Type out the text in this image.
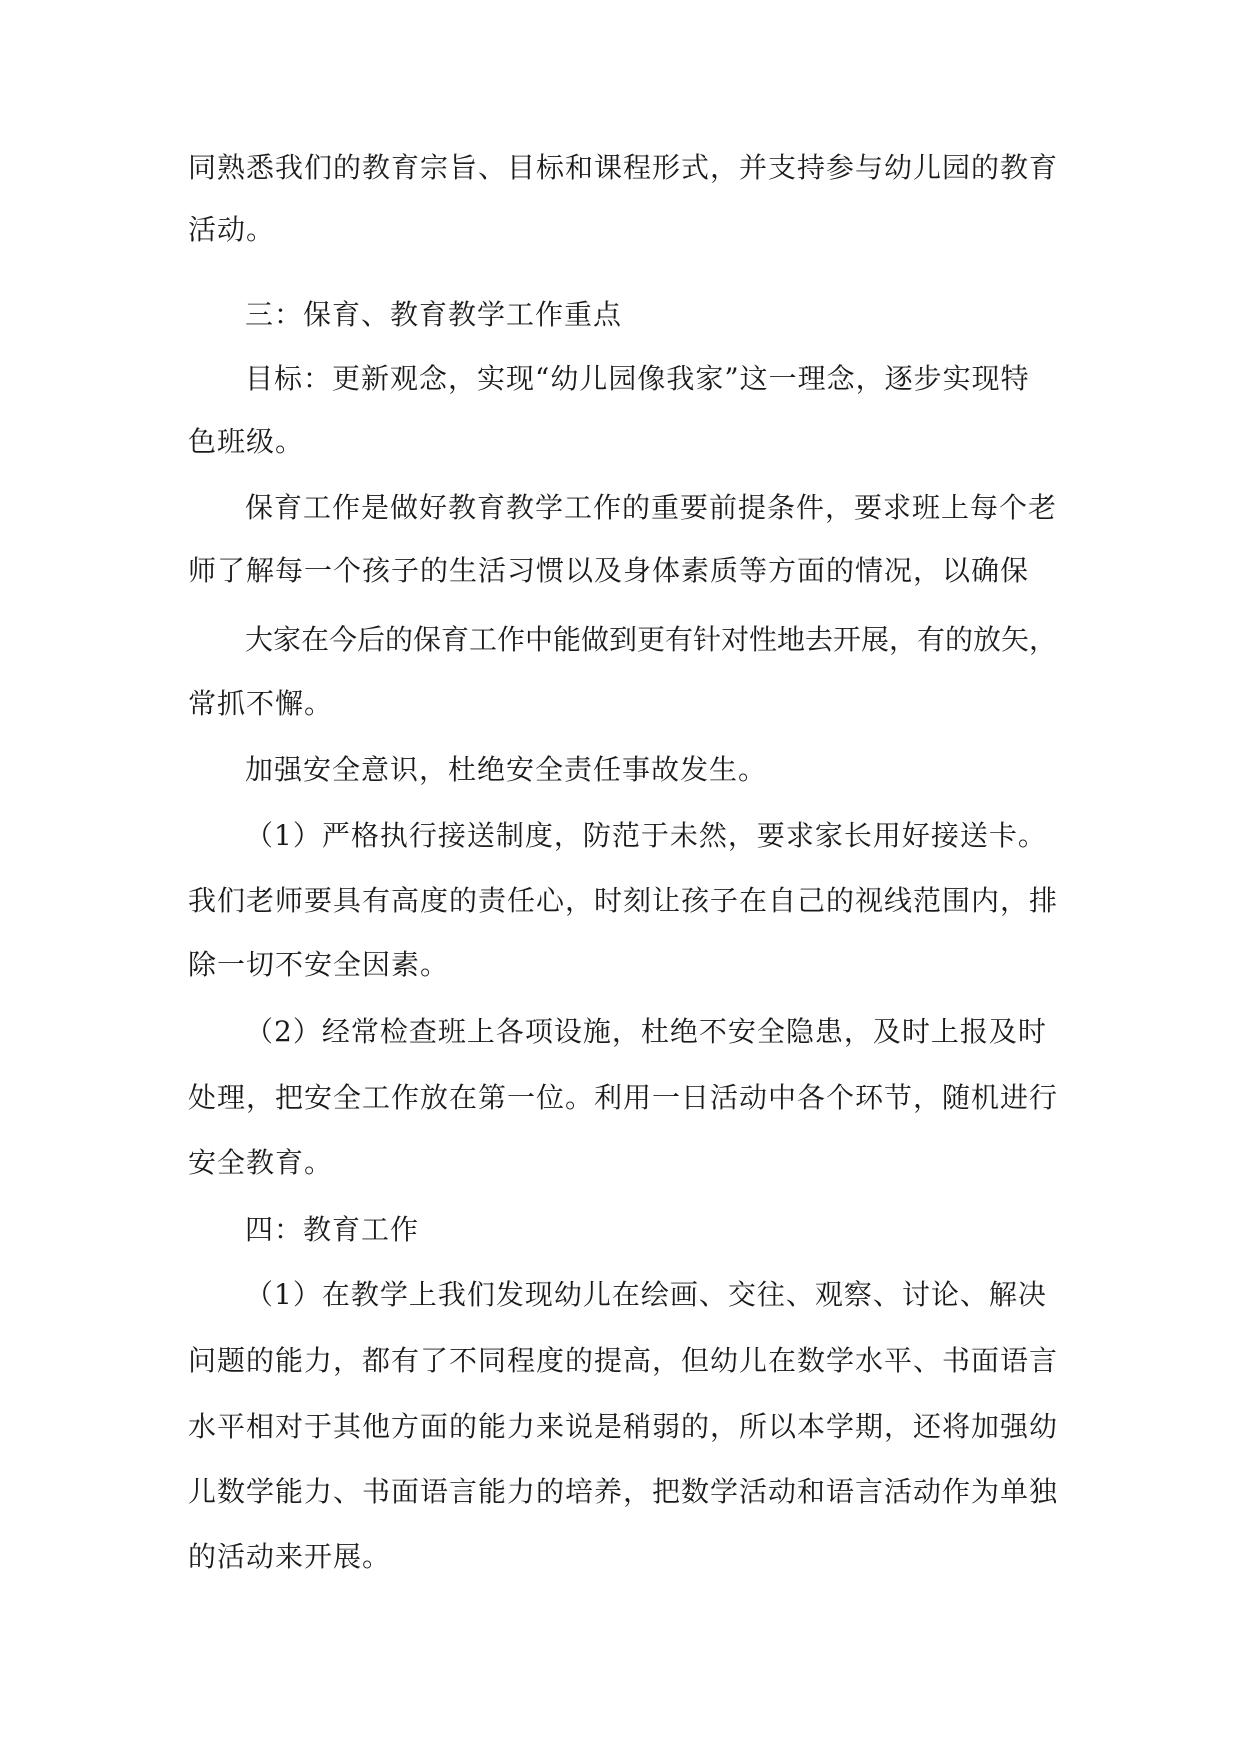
同熟悉我们的教育宗旨、目标和课程形式，并支持参与幼儿园的教育
活动。
三：保育、教育教学工作重点
目标：更新观念，实现“幼儿园像我家”这一理念，逐步实现特
色班级。
保育工作是做好教育教学工作的重要前提条件，要求班上每个老
师了解每一个孩子的生活习惯以及身体素质等方面的情况，以确保
大家在今后的保育工作中能做到更有针对性地去开展，有的放矢，
常抓不懈。
加强安全意识，杜绝安全责任事故发生。
（1）严格执行接送制度，防范于未然，要求家长用好接送卡。
我们老师要具有高度的责任心，时刻让孩子在自己的视线范围内，排
除一切不安全因素。
（2）经常检查班上各项设施，杜绝不安全隐患，及时上报及时
处理，把安全工作放在第一位。利用一日活动中各个环节，随机进行
安全教育。
四：教育工作
（1）在教学上我们发现幼儿在绘画、交往、观察、讨论、解决
问题的能力，都有了不同程度的提高，但幼儿在数学水平、书面语言
水平相对于其他方面的能力来说是稍弱的，所以本学期，还将加强幼
儿数学能力、书面语言能力的培养，把数学活动和语言活动作为单独
的活动来开展。
